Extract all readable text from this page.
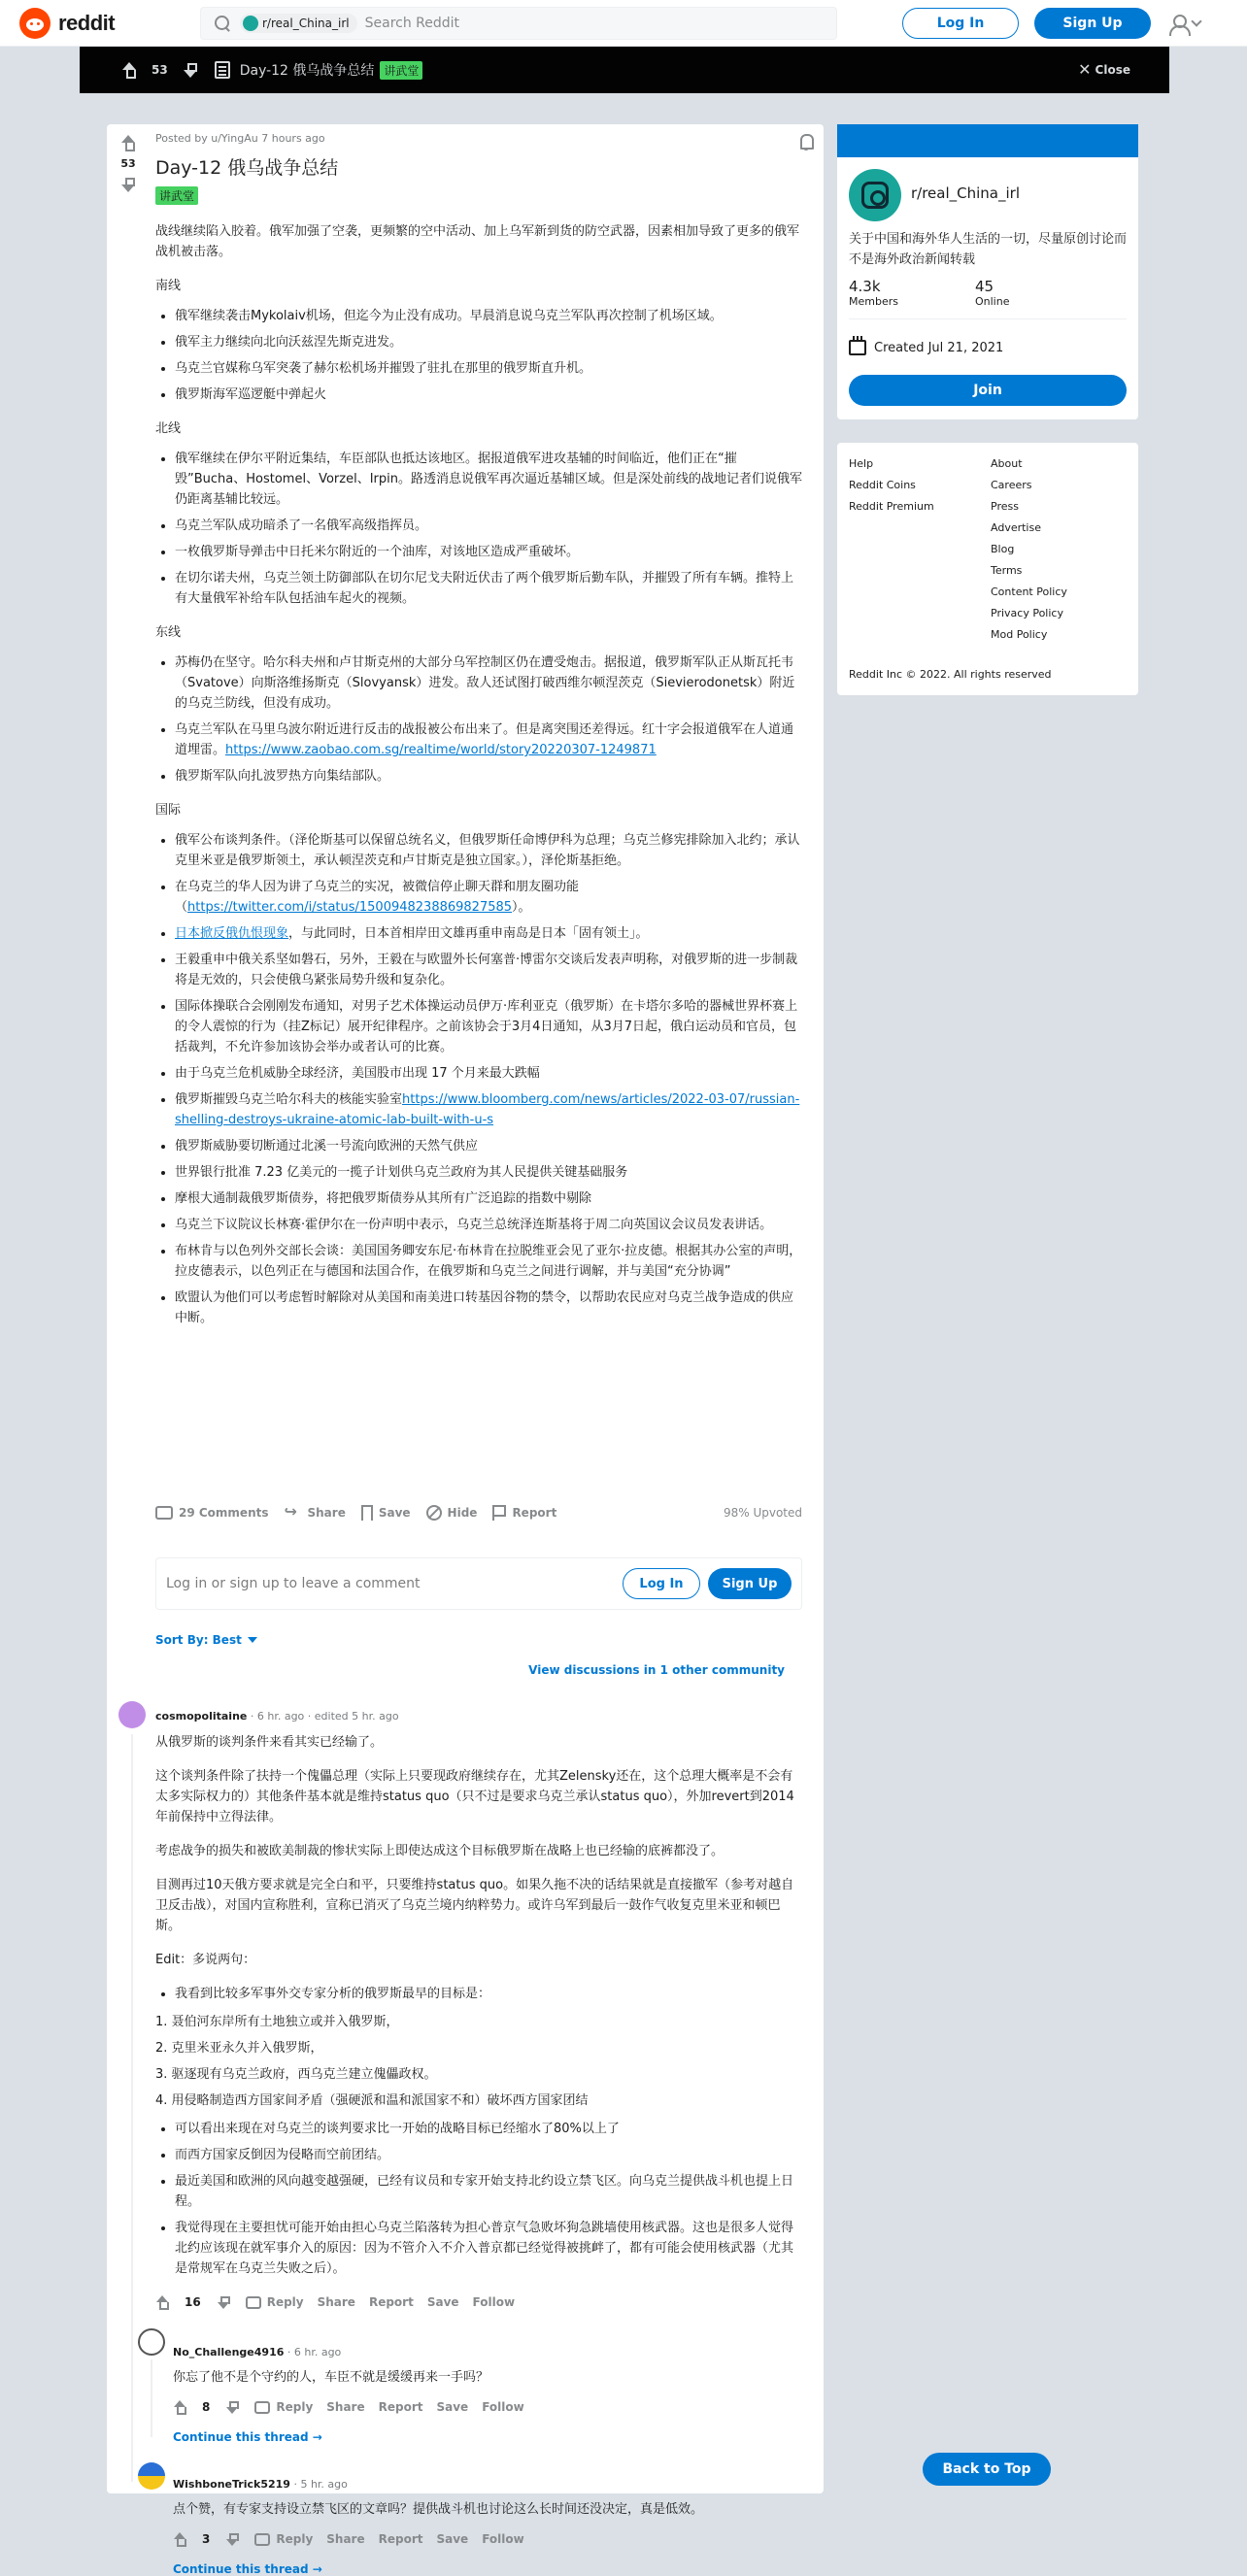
reddit	r/real_China_irl
Search Reddit	Log In	Sign Up
53	Day-12 俄乌战争总结 讲武堂	✕ Close
53
Posted by u/YingAu 7 hours ago
Day-12 俄乌战争总结
讲武堂

战线继续陷入胶着。俄军加强了空袭，更频繁的空中活动、加上乌军新到货的防空武器，因素相加导致了更多的俄军战机被击落。

南线
• 俄军继续袭击Mykolaiv机场，但迄今为止没有成功。早晨消息说乌克兰军队再次控制了机场区域。
• 俄军主力继续向北向沃兹涅先斯克进发。
• 乌克兰官媒称乌军突袭了赫尔松机场并摧毁了驻扎在那里的俄罗斯直升机。
• 俄罗斯海军巡逻艇中弹起火
北线
• 俄军继续在伊尔平附近集结，车臣部队也抵达该地区。据报道俄军进攻基辅的时间临近，他们正在“摧毁”Bucha、Hostomel、Vorzel、Irpin。路透消息说俄军再次逼近基辅区域。但是深处前线的战地记者们说俄军仍距离基辅比较远。
• 乌克兰军队成功暗杀了一名俄军高级指挥员。
• 一枚俄罗斯导弹击中日托米尔附近的一个油库，对该地区造成严重破坏。
• 在切尔诺夫州，乌克兰领土防御部队在切尔尼戈夫附近伏击了两个俄罗斯后勤车队，并摧毁了所有车辆。推特上有大量俄军补给车队包括油车起火的视频。
东线
• 苏梅仍在坚守。哈尔科夫州和卢甘斯克州的大部分乌军控制区仍在遭受炮击。据报道，俄罗斯军队正从斯瓦托韦（Svatove）向斯洛维扬斯克（Slovyansk）进发。敌人还试图打破西维尔顿涅茨克（Sievierodonetsk）附近的乌克兰防线，但没有成功。
• 乌克兰军队在马里乌波尔附近进行反击的战报被公布出来了。但是离突围还差得远。红十字会报道俄军在人道通道埋雷。https://www.zaobao.com.sg/realtime/world/story20220307-1249871
• 俄罗斯军队向扎波罗热方向集结部队。
国际
• 俄军公布谈判条件。（泽伦斯基可以保留总统名义，但俄罗斯任命博伊科为总理；乌克兰修宪排除加入北约；承认克里米亚是俄罗斯领土，承认顿涅茨克和卢甘斯克是独立国家。），泽伦斯基拒绝。
• 在乌克兰的华人因为讲了乌克兰的实况，被微信停止聊天群和朋友圈功能（https://twitter.com/i/status/1500948238869827585）。
• 日本掀反俄仇恨现象，与此同时，日本首相岸田文雄再重申南岛是日本「固有领土」。
• 王毅重申中俄关系坚如磐石，另外，王毅在与欧盟外长何塞普·博雷尔交谈后发表声明称，对俄罗斯的进一步制裁将是无效的，只会使俄乌紧张局势升级和复杂化。
• 国际体操联合会刚刚发布通知，对男子艺术体操运动员伊万·库利亚克（俄罗斯）在卡塔尔多哈的器械世界杯赛上的令人震惊的行为（挂Z标记）展开纪律程序。之前该协会于3月4日通知，从3月7日起，俄白运动员和官员，包括裁判，不允许参加该协会举办或者认可的比赛。
• 由于乌克兰危机威胁全球经济，美国股市出现 17 个月来最大跌幅
• 俄罗斯摧毁乌克兰哈尔科夫的核能实验室https://www.bloomberg.com/news/articles/2022-03-07/russian-shelling-destroys-ukraine-atomic-lab-built-with-u-s
• 俄罗斯威胁要切断通过北溪一号流向欧洲的天然气供应
• 世界银行批准 7.23 亿美元的一揽子计划供乌克兰政府为其人民提供关键基础服务
• 摩根大通制裁俄罗斯债券，将把俄罗斯债券从其所有广泛追踪的指数中剔除
• 乌克兰下议院议长林赛·霍伊尔在一份声明中表示，乌克兰总统泽连斯基将于周二向英国议会议员发表讲话。
• 布林肯与以色列外交部长会谈：美国国务卿安东尼·布林肯在拉脱维亚会见了亚尔·拉皮德。根据其办公室的声明，拉皮德表示，以色列正在与德国和法国合作，在俄罗斯和乌克兰之间进行调解，并与美国“充分协调”
• 欧盟认为他们可以考虑暂时解除对从美国和南美进口转基因谷物的禁令，以帮助农民应对乌克兰战争造成的供应中断。
29 Comments
↪	Share	Save	Hide	Report	98% Upvoted
Log in or sign up to leave a comment	Log In	Sign Up
Sort By: Best
View discussions in 1 other community
cosmopolitaine · 6 hr. ago · edited 5 hr. ago

从俄罗斯的谈判条件来看其实已经输了。

这个谈判条件除了扶持一个傀儡总理（实际上只要现政府继续存在，尤其Zelensky还在，这个总理大概率是不会有太多实际权力的）其他条件基本就是维持status quo（只不过是要求乌克兰承认status quo），外加revert到2014年前保持中立得法律。

考虑战争的损失和被欧美制裁的惨状实际上即使达成这个目标俄罗斯在战略上也已经输的底裤都没了。

目测再过10天俄方要求就是完全白和平，只要维持status quo。如果久拖不决的话结果就是直接撤军（参考对越自卫反击战），对国内宣称胜利，宣称已消灭了乌克兰境内纳粹势力。或许乌军到最后一鼓作气收复克里米亚和顿巴斯。

Edit：多说两句：

• 我看到比较多军事外交专家分析的俄罗斯最早的目标是：
1. 聂伯河东岸所有土地独立或并入俄罗斯，
2. 克里米亚永久并入俄罗斯，
3. 驱逐现有乌克兰政府，西乌克兰建立傀儡政权。
4. 用侵略制造西方国家间矛盾（强硬派和温和派国家不和）破坏西方国家团结
• 可以看出来现在对乌克兰的谈判要求比一开始的战略目标已经缩水了80%以上了
• 而西方国家反倒因为侵略而空前团结。
• 最近美国和欧洲的风向越变越强硬，已经有议员和专家开始支持北约设立禁飞区。向乌克兰提供战斗机也提上日程。
• 我觉得现在主要担忧可能开始由担心乌克兰陷落转为担心普京气急败坏狗急跳墙使用核武器。这也是很多人觉得北约应该现在就军事介入的原因：因为不管介入不介入普京都已经觉得被挑衅了，都有可能会使用核武器（尤其是常规军在乌克兰失败之后）。
16	Reply Share Report Save Follow
No_Challenge4916 · 6 hr. ago
你忘了他不是个守约的人，车臣不就是缓缓再来一手吗？
8	Reply Share Report Save Follow
Continue this thread →
WishboneTrick5219 · 5 hr. ago
点个赞，有专家支持设立禁飞区的文章吗？提供战斗机也讨论这么长时间还没决定，真是低效。
3	Reply Share Report Save Follow
Continue this thread →
r/real_China_irl
关于中国和海外华人生活的一切，尽量原创讨论而不是海外政治新闻转载
4.3k
Members
45
Online
Created Jul 21, 2021
Join
Help
Reddit Coins
Reddit Premium
About
Careers
Press
Advertise
Blog
Terms
Content Policy
Privacy Policy
Mod Policy
Reddit Inc © 2022. All rights reserved
Back to Top
